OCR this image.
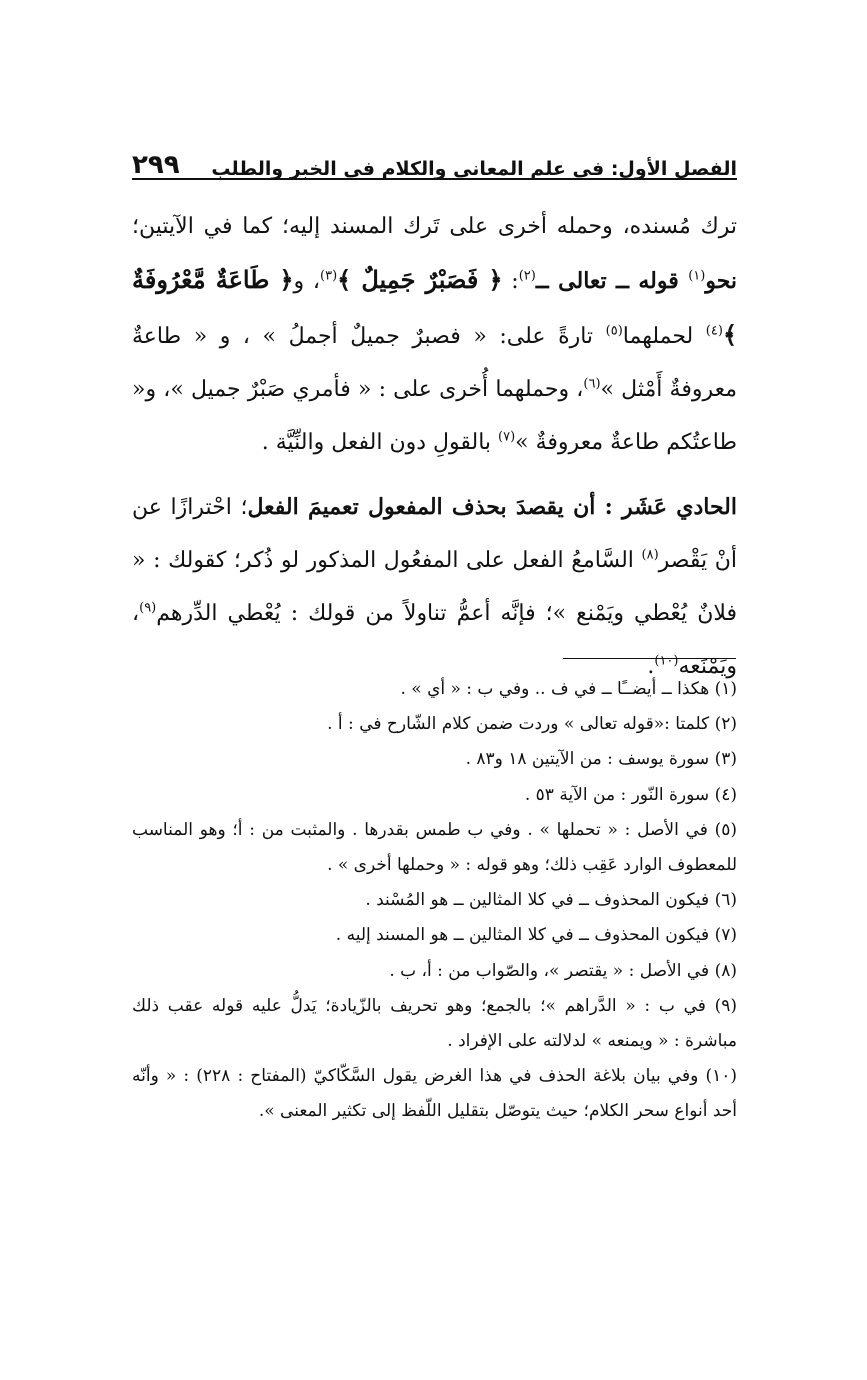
الفصل الأول: في علم المعاني والكلام في الخبر والطلب
٢٩٩

ترك مُسنده، وحمله أخرى على تَرك المسند إليه؛ كما في الآيتين؛ نحو$^{(١)}$ قوله ــ تعالى ــ$^{(٢)}$: ﴿ فَصَبْرٌ جَمِيلٌ ﴾$^{(٣)}$، و﴿ طَاعَةٌ مَّعْرُوفَةٌ ﴾$^{(٤)}$ لحملهما$^{(٥)}$ تارةً على: « فصبرٌ جميلٌ أجملُ » ، و « طاعةٌ معروفةٌ أَمْثل »$^{(٦)}$، وحملهما أُخرى على : « فأمري صَبْرٌ جميل »، و« طاعتُكم طاعةٌ معروفةٌ »$^{(٧)}$ بالقولِ دون الفعل والنِّيَّة .

الحادي عَشَر : أن يقصدَ بحذف المفعول تعميمَ الفعل؛ احْترازًا عن أنْ يَقْصر$^{(٨)}$ السَّامعُ الفعل على المفعُول المذكور لو ذُكر؛ كقولك : « فلانٌ يُعْطي ويَمْنع »؛ فإنَّه أعمُّ تناولاً من قولك : يُعْطي الدِّرهم$^{(٩)}$، ويَمْنَعه$^{(١٠)}$.

(١) هكذا ــ أيضــًا ــ في ف .. وفي ب : « أي » .

(٢) كلمتا :«قوله تعالى » وردت ضمن كلام الشّارح في : أ .

(٣) سورة يوسف : من الآيتين ١٨ و٨٣ .

(٤) سورة النّور : من الآية ٥٣ .

(٥) في الأصل : « تحملها » . وفي ب طمس بقدرها . والمثبت من : أ؛ وهو المناسب للمعطوف الوارد عَقِب ذلك؛ وهو قوله : « وحملها أخرى » .

(٦) فيكون المحذوف ــ في كلا المثالين ــ هو المُسْند .

(٧) فيكون المحذوف ــ في كلا المثالين ــ هو المسند إليه .

(٨) في الأصل : « يقتصر »، والصّواب من : أ، ب .

(٩) في ب : « الدَّراهم »؛ بالجمع؛ وهو تحريف بالزّيادة؛ يَدلُّ عليه قوله عقب ذلك مباشرة : « ويمنعه » لدلالته على الإفراد .

(١٠) وفي بيان بلاغة الحذف في هذا الغرض يقول السَّكّاكيّ (المفتاح : ٢٢٨) : « وأنّه أحد أنواع سحر الكلام؛ حيث يتوصّل بتقليل اللّفظ إلى تكثير المعنى ».
